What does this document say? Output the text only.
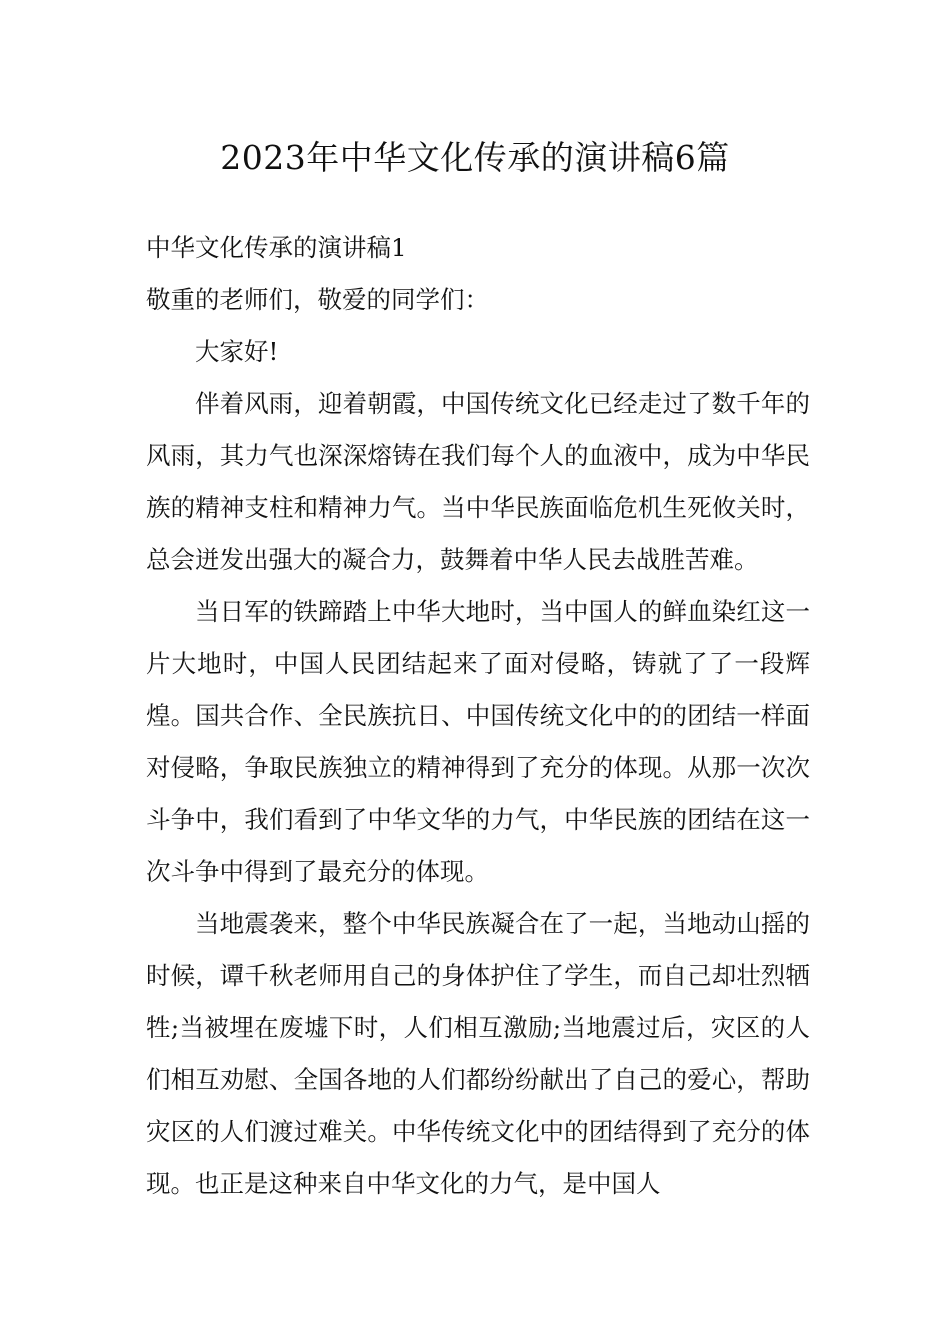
2023年中华文化传承的演讲稿6篇

中华文化传承的演讲稿1

敬重的老师们，敬爱的同学们：

大家好!

伴着风雨，迎着朝霞，中国传统文化已经走过了数千年的风雨，其力气也深深熔铸在我们每个人的血液中，成为中华民族的精神支柱和精神力气。当中华民族面临危机生死攸关时，总会迸发出强大的凝合力，鼓舞着中华人民去战胜苦难。

当日军的铁蹄踏上中华大地时，当中国人的鲜血染红这一片大地时，中国人民团结起来了面对侵略，铸就了了一段辉煌。国共合作、全民族抗日、中国传统文化中的的团结一样面对侵略，争取民族独立的精神得到了充分的体现。从那一次次斗争中，我们看到了中华文华的力气，中华民族的团结在这一次斗争中得到了最充分的体现。

当地震袭来，整个中华民族凝合在了一起，当地动山摇的时候，谭千秋老师用自己的身体护住了学生，而自己却壮烈牺牲;当被埋在废墟下时，人们相互激励;当地震过后，灾区的人们相互劝慰、全国各地的人们都纷纷献出了自己的爱心，帮助灾区的人们渡过难关。中华传统文化中的团结得到了充分的体现。也正是这种来自中华文化的力气，是中国人
